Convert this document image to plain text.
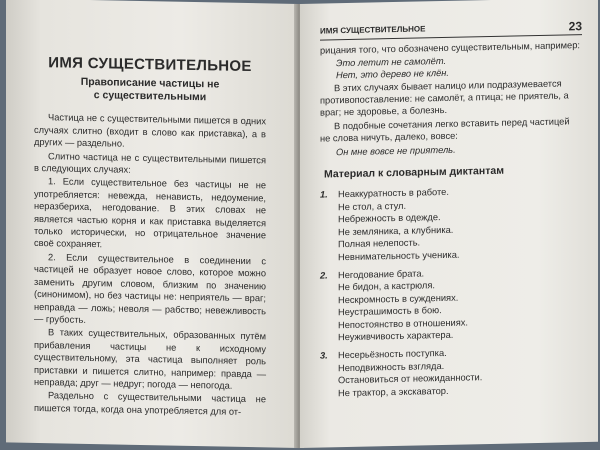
ИМЯ СУЩЕСТВИТЕЛЬНОЕ
Правописание частицы не
с существительными

Частица не с существительными пишется в одних случаях слитно (входит в слово как приставка), а в других — раздельно.

Слитно частица не с существительными пишется в следующих случаях:

1. Если существительное без частицы не не употребляется: невежда, ненависть, недоумение, неразбериха, негодование. В этих словах не является частью корня и как приставка выделяется только исторически, но отрицательное значение своё сохраняет.

2. Если существительное в соединении с частицей не образует новое слово, которое можно заменить другим словом, близким по значению (синонимом), но без частицы не: неприятель — враг; неправда — ложь; неволя — рабство; невежливость — грубость.

В таких существительных, образованных путём прибавления частицы не к исходному существительному, эта частица выполняет роль приставки и пишется слитно, например: правда — неправда; друг — недруг; погода — непогода.

Раздельно с существительными частица не пишется тогда, когда она употребляется для от-

ИМЯ СУЩЕСТВИТЕЛЬНОЕ	23
рицания того, что обозначено существительным, например:
Это летит не самолёт.
Нет, это дерево не клён.

В этих случаях бывает налицо или подразумевается противопоставление: не самолёт, а птица; не приятель, а враг; не здоровье, а болезнь.

В подобные сочетания легко вставить перед частицей не слова ничуть, далеко, вовсе:

Он мне вовсе не приятель.
Материал к словарным диктантам
1. Неаккуратность в работе.
Не стол, а стул.
Небрежность в одежде.
Не земляника, а клубника.
Полная нелепость.
Невнимательность ученика.
2. Негодование брата.
Не бидон, а кастрюля.
Нескромность в суждениях.
Неустрашимость в бою.
Непостоянство в отношениях.
Неуживчивость характера.
3. Несерьёзность поступка.
Неподвижность взгляда.
Остановиться от неожиданности.
Не трактор, а экскаватор.
